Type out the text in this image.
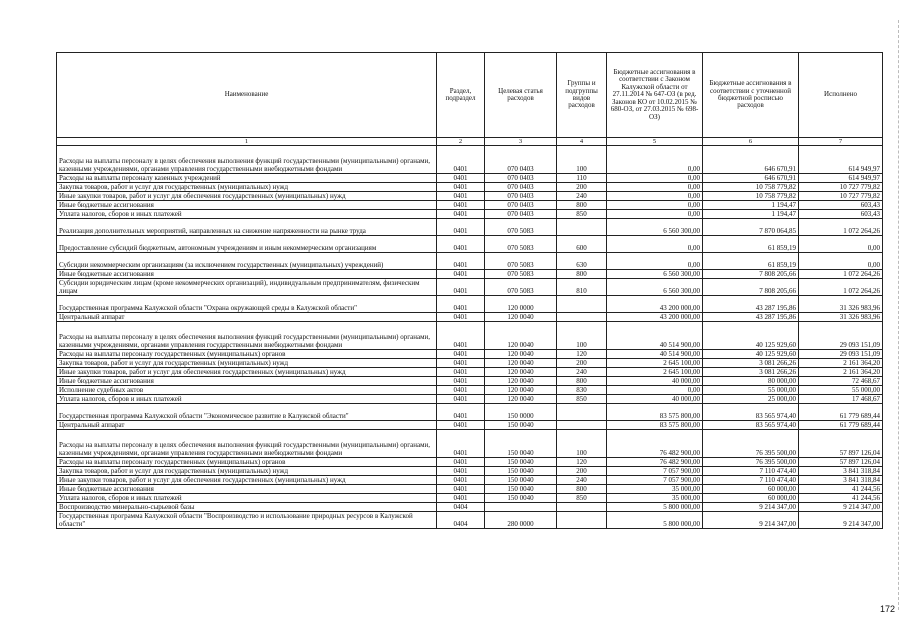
Наименование	Раздел, подраздел	Целевая статья расходов	Группы и подгруппы видов расходов	Бюджетные ассигнования в соответствии с Законом Калужской области от 27.11.2014 № 647-ОЗ (в ред. Законов КО от 10.02.2015 № 680-ОЗ, от 27.03.2015 № 698-ОЗ)	Бюджетные ассигнования в соответствии с уточненной бюджетной росписью расходов	Исполнено
1	2	3	4	5	6	7
Расходы на выплаты персоналу в целях обеспечения выполнения функций государственными (муниципальными) органами, казенными учреждениями, органами управления государственными внебюджетными фондами	0401	070 0403	100	0,00	646 670,91	614 949,97
Расходы на выплаты персоналу казенных учреждений	0401	070 0403	110	0,00	646 670,91	614 949,97
Закупка товаров, работ и услуг для государственных (муниципальных) нужд	0401	070 0403	200	0,00	10 758 779,82	10 727 779,82
Иные закупки товаров, работ и услуг для обеспечения государственных (муниципальных) нужд	0401	070 0403	240	0,00	10 758 779,82	10 727 779,82
Иные бюджетные ассигнования	0401	070 0403	800	0,00	1 194,47	603,43
Уплата налогов, сборов и иных платежей	0401	070 0403	850	0,00	1 194,47	603,43
Реализация дополнительных мероприятий, направленных на снижение напряженности на рынке труда	0401	070 5083		6 560 300,00	7 870 064,85	1 072 264,26
Предоставление субсидий бюджетным, автономным учреждениям и иным некоммерческим организациям	0401	070 5083	600	0,00	61 859,19	0,00
Субсидии некоммерческим организациям (за исключением государственных (муниципальных) учреждений)	0401	070 5083	630	0,00	61 859,19	0,00
Иные бюджетные ассигнования	0401	070 5083	800	6 560 300,00	7 808 205,66	1 072 264,26
Субсидии юридическим лицам (кроме некоммерческих организаций), индивидуальным предпринимателям, физическим лицам	0401	070 5083	810	6 560 300,00	7 808 205,66	1 072 264,26
Государственная программа Калужской области "Охрана окружающей среды в Калужской области"	0401	120 0000		43 200 000,00	43 287 195,86	31 326 983,96
Центральный аппарат	0401	120 0040		43 200 000,00	43 287 195,86	31 326 983,96
Расходы на выплаты персоналу в целях обеспечения выполнения функций государственными (муниципальными) органами, казенными учреждениями, органами управления государственными внебюджетными фондами	0401	120 0040	100	40 514 900,00	40 125 929,60	29 093 151,09
Расходы на выплаты персоналу государственных (муниципальных) органов	0401	120 0040	120	40 514 900,00	40 125 929,60	29 093 151,09
Закупка товаров, работ и услуг для государственных (муниципальных) нужд	0401	120 0040	200	2 645 100,00	3 081 266,26	2 161 364,20
Иные закупки товаров, работ и услуг для обеспечения государственных (муниципальных) нужд	0401	120 0040	240	2 645 100,00	3 081 266,26	2 161 364,20
Иные бюджетные ассигнования	0401	120 0040	800	40 000,00	80 000,00	72 468,67
Исполнение судебных актов	0401	120 0040	830	0,00	55 000,00	55 000,00
Уплата налогов, сборов и иных платежей	0401	120 0040	850	40 000,00	25 000,00	17 468,67
Государственная программа Калужской области "Экономическое развитие в Калужской области"	0401	150 0000		83 575 800,00	83 565 974,40	61 779 689,44
Центральный аппарат	0401	150 0040		83 575 800,00	83 565 974,40	61 779 689,44
Расходы на выплаты персоналу в целях обеспечения выполнения функций государственными (муниципальными) органами, казенными учреждениями, органами управления государственными внебюджетными фондами	0401	150 0040	100	76 482 900,00	76 395 500,00	57 897 126,04
Расходы на выплаты персоналу государственных (муниципальных) органов	0401	150 0040	120	76 482 900,00	76 395 500,00	57 897 126,04
Закупка товаров, работ и услуг для государственных (муниципальных) нужд	0401	150 0040	200	7 057 900,00	7 110 474,40	3 841 318,84
Иные закупки товаров, работ и услуг для обеспечения государственных (муниципальных) нужд	0401	150 0040	240	7 057 900,00	7 110 474,40	3 841 318,84
Иные бюджетные ассигнования	0401	150 0040	800	35 000,00	60 000,00	41 244,56
Уплата налогов, сборов и иных платежей	0401	150 0040	850	35 000,00	60 000,00	41 244,56
Воспроизводство минерально-сырьевой базы	0404			5 800 000,00	9 214 347,00	9 214 347,00
Государственная программа Калужской области "Воспроизводство и использование природных ресурсов в Калужской области"	0404	280 0000		5 800 000,00	9 214 347,00	9 214 347,00
172
